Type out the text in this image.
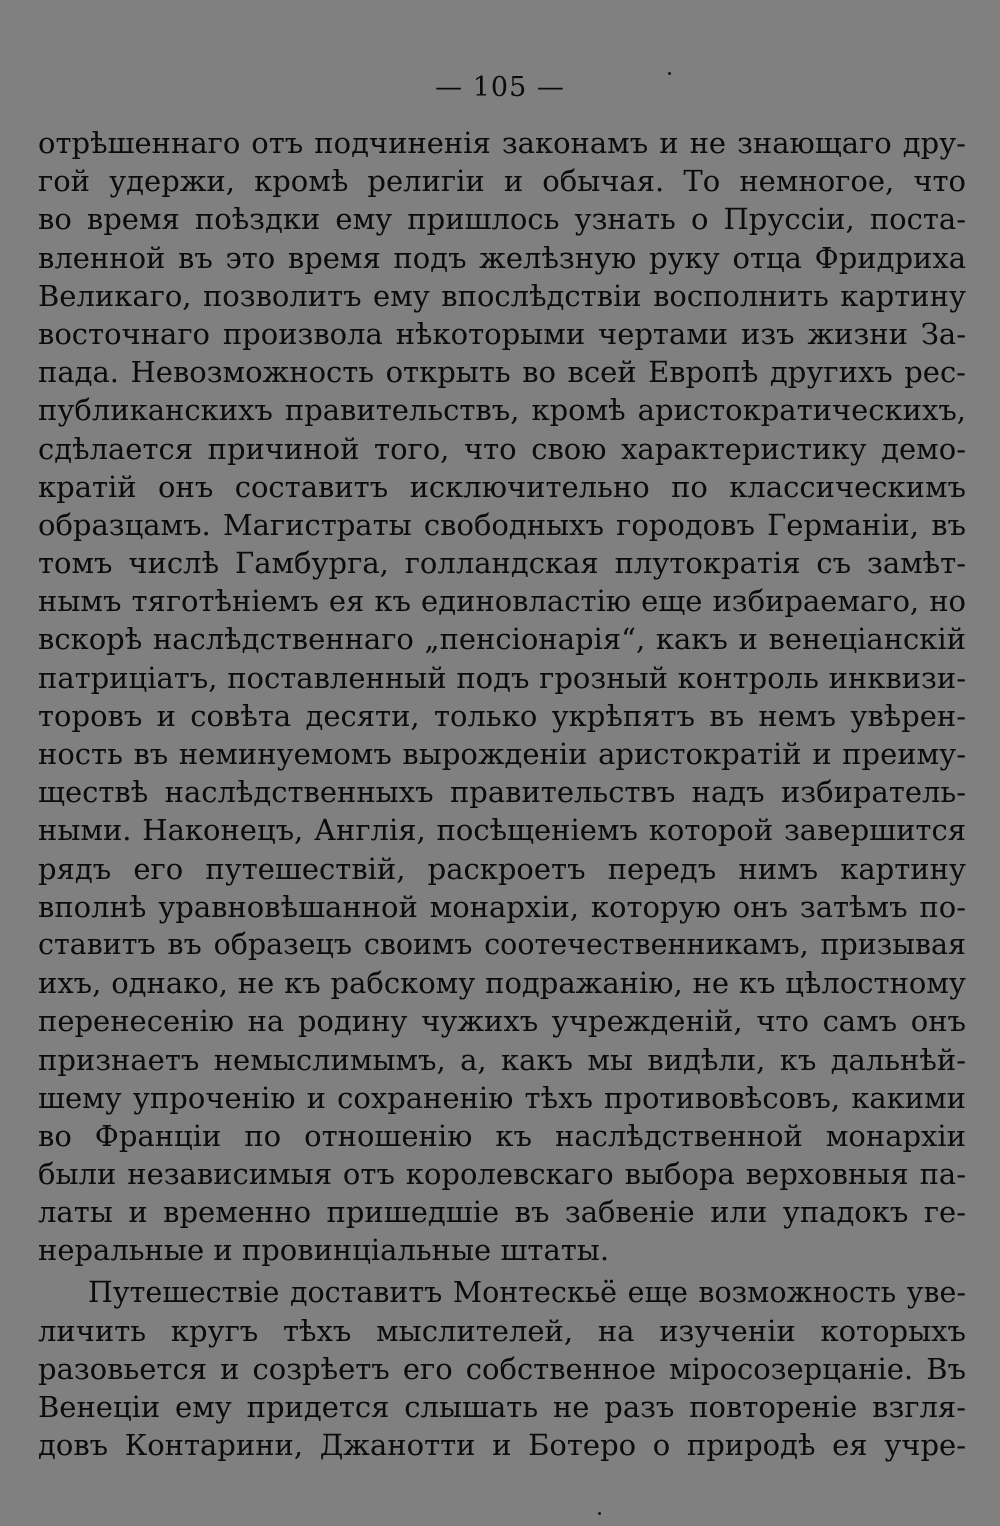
— 105 —
отрѣшеннаго отъ подчиненія законамъ и не знающаго дру-
гой удержи, кромѣ религіи и обычая. То немногое, что
во время поѣздки ему пришлось узнать о Пруссіи, поста-
вленной въ это время подъ желѣзную руку отца Фридриха
Великаго, позволитъ ему впослѣдствіи восполнить картину
восточнаго произвола нѣкоторыми чертами изъ жизни За-
пада. Невозможность открыть во всей Европѣ другихъ рес-
публиканскихъ правительствъ, кромѣ аристократическихъ,
сдѣлается причиной того, что свою характеристику демо-
кратій онъ составитъ исключительно по классическимъ
образцамъ. Магистраты свободныхъ городовъ Германіи, въ
томъ числѣ Гамбурга, голландская плутократія съ замѣт-
нымъ тяготѣніемъ ея къ единовластію еще избираемаго, но
вскорѣ наслѣдственнаго „пенсіонарія“, какъ и венеціанскій
патриціатъ, поставленный подъ грозный контроль инквизи-
торовъ и совѣта десяти, только укрѣпятъ въ немъ увѣрен-
ность въ неминуемомъ вырожденіи аристократій и преиму-
ществѣ наслѣдственныхъ правительствъ надъ избиратель-
ными. Наконецъ, Англія, посѣщеніемъ которой завершится
рядъ его путешествій, раскроетъ передъ нимъ картину
вполнѣ уравновѣшанной монархіи, которую онъ затѣмъ по-
ставитъ въ образецъ своимъ соотечественникамъ, призывая
ихъ, однако, не къ рабскому подражанію, не къ цѣлостному
перенесенію на родину чужихъ учрежденій, что самъ онъ
признаетъ немыслимымъ, а, какъ мы видѣли, къ дальнѣй-
шему упроченію и сохраненію тѣхъ противовѣсовъ, какими
во Франціи по отношенію къ наслѣдственной монархіи
были независимыя отъ королевскаго выбора верховныя па-
латы и временно пришедшіе въ забвеніе или упадокъ ге-
неральные и провинціальные штаты.
Путешествіе доставитъ Монтескьё еще возможность уве-
личить кругъ тѣхъ мыслителей, на изученіи которыхъ
разовьется и созрѣетъ его собственное міросозерцаніе. Въ
Венеціи ему придется слышать не разъ повтореніе взгля-
довъ Контарини, Джанотти и Ботеро о природѣ ея учре-
